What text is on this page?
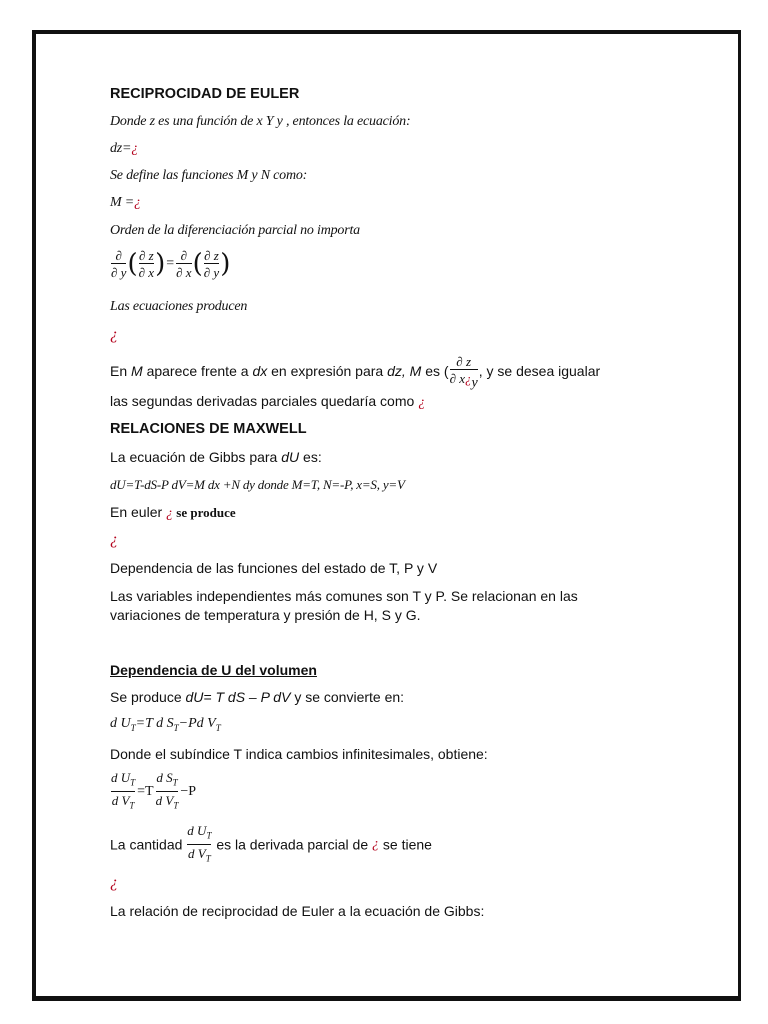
RECIPROCIDAD DE EULER
Donde z es una función de x Y y , entonces la ecuación:
dz=¿
Se define las funciones M y N como:
M =¿
Orden de la diferenciación parcial no importa
$\frac{\partial}{\partial y}$ ( $\frac{\partial z}{\partial x}$ )= $\frac{\partial}{\partial x}$ ( $\frac{\partial z}{\partial y}$ )
Las ecuaciones producen
¿
En M aparece frente a dx en expresión para dz, M es ( $\frac{\partial z}{\partial x¿_y}$ , y se desea igualar
las segundas derivadas parciales quedaría como ¿
RELACIONES DE MAXWELL
La ecuación de Gibbs para dU es:
dU=T-dS-P dV=M dx +N dy donde M=T, N=-P, x=S, y=V
En euler ¿ se produce
¿
Dependencia de las funciones del estado de T, P y V
Las variables independientes más comunes son T y P. Se relacionan en las
variaciones de temperatura y presión de H, S y G.
Dependencia de U del volumen
Se produce dU= T dS – P dV y se convierte en:
d $U_T=T$ d $S_T-Pd$ $V_T$
Donde el subíndice T indica cambios infinitesimales, obtiene:
$\frac{d U_T}{d V_T} =T \frac{d S_T}{d V_T} -P$
La cantidad $\frac{d U_T}{d V_T}$ es la derivada parcial de ¿ se tiene
¿
La relación de reciprocidad de Euler a la ecuación de Gibbs:
